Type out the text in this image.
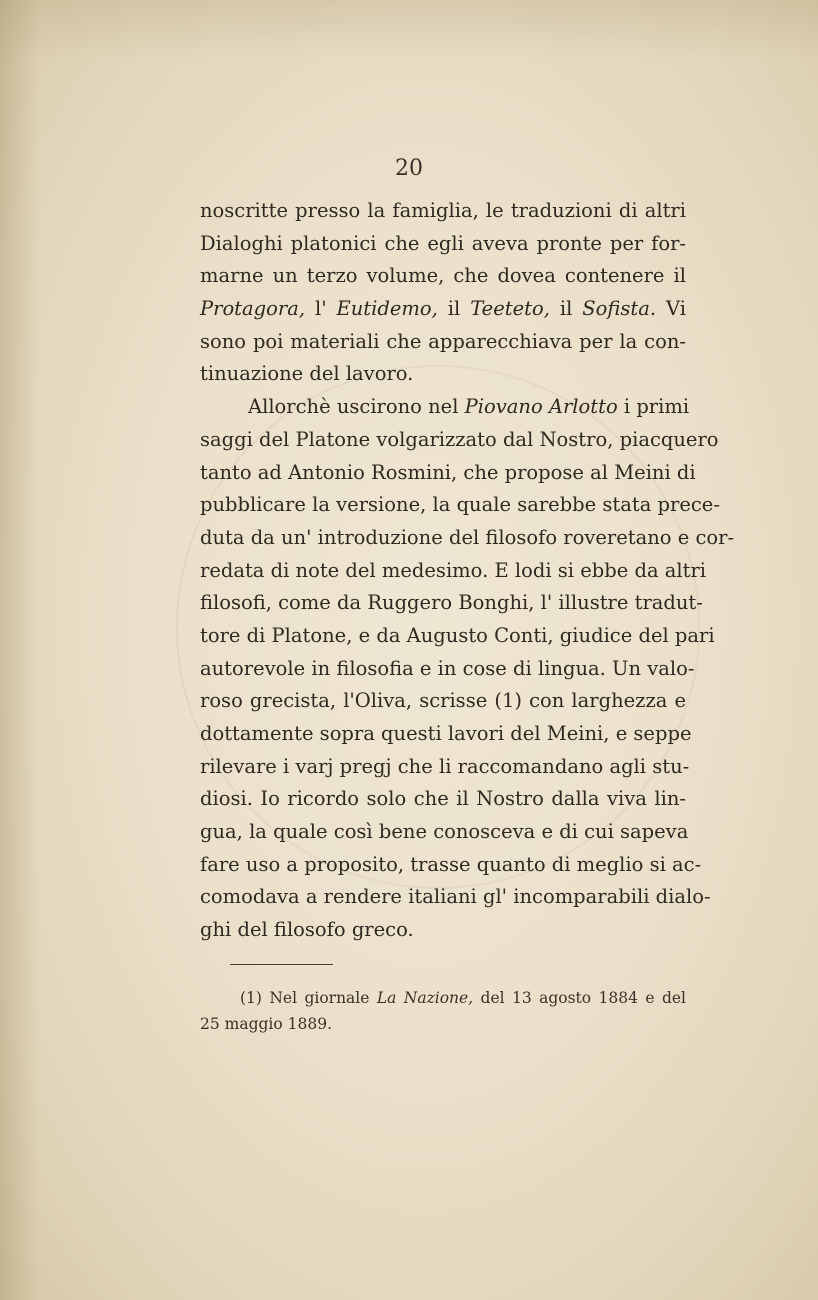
20
noscritte presso la famiglia, le traduzioni di altri
Dialoghi platonici che egli aveva pronte per for-
marne un terzo volume, che dovea contenere il
Protagora, l' Eutidemo, il Teeteto, il Sofista. Vi
sono poi materiali che apparecchiava per la con-
tinuazione del lavoro.
Allorchè uscirono nel Piovano Arlotto i primi
saggi del Platone volgarizzato dal Nostro, piacquero
tanto ad Antonio Rosmini, che propose al Meini di
pubblicare la versione, la quale sarebbe stata prece-
duta da un' introduzione del filosofo roveretano e cor-
redata di note del medesimo. E lodi si ebbe da altri
filosofi, come da Ruggero Bonghi, l' illustre tradut-
tore di Platone, e da Augusto Conti, giudice del pari
autorevole in filosofia e in cose di lingua. Un valo-
roso grecista, l'Oliva, scrisse (1) con larghezza e
dottamente sopra questi lavori del Meini, e seppe
rilevare i varj pregj che li raccomandano agli stu-
diosi. Io ricordo solo che il Nostro dalla viva lin-
gua, la quale così bene conosceva e di cui sapeva
fare uso a proposito, trasse quanto di meglio si ac-
comodava a rendere italiani gl' incomparabili dialo-
ghi del filosofo greco.
(1) Nel giornale La Nazione, del 13 agosto 1884 e del
25 maggio 1889.
